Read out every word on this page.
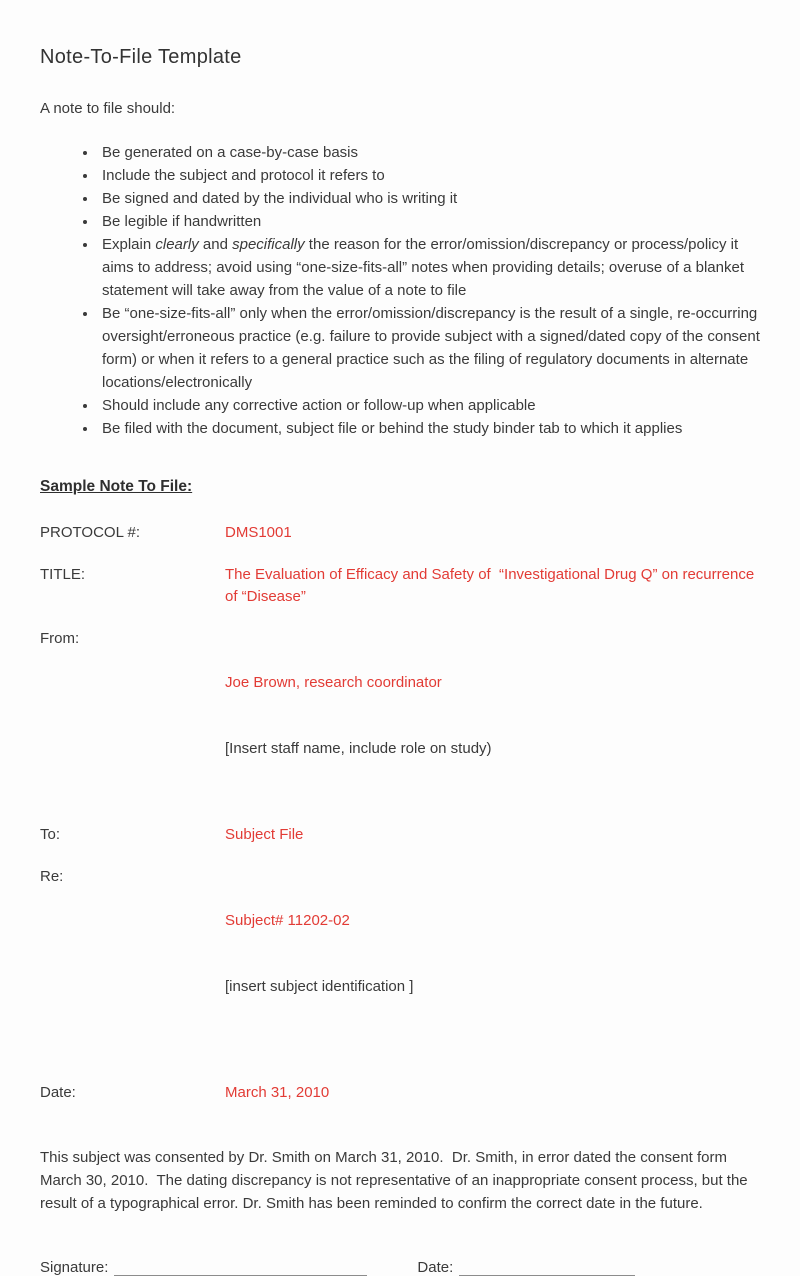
Note-To-File Template
A note to file should:
• Be generated on a case-by-case basis
• Include the subject and protocol it refers to
• Be signed and dated by the individual who is writing it
• Be legible if handwritten
• Explain clearly and specifically the reason for the error/omission/discrepancy or process/policy it aims to address; avoid using “one-size-fits-all” notes when providing details; overuse of a blanket statement will take away from the value of a note to file
• Be “one-size-fits-all” only when the error/omission/discrepancy is the result of a single, re-occurring oversight/erroneous practice (e.g. failure to provide subject with a signed/dated copy of the consent form) or when it refers to a general practice such as the filing of regulatory documents in alternate locations/electronically
• Should include any corrective action or follow-up when applicable
• Be filed with the document, subject file or behind the study binder tab to which it applies
Sample Note To File:
PROTOCOL #:	DMS1001
TITLE:	The Evaluation of Efficacy and Safety of  “Investigational Drug Q” on recurrence of “Disease”
From:

Joe Brown, research coordinator

[Insert staff name, include role on study)

To:	Subject File
Re:

Subject# 11202-02

[insert subject identification ]

Date:	March 31, 2010
This subject was consented by Dr. Smith on March 31, 2010.  Dr. Smith, in error dated the consent form March 30, 2010.  The dating discrepancy is not representative of an inappropriate consent process, but the result of a typographical error. Dr. Smith has been reminded to confirm the correct date in the future.
Signature:	Date:
